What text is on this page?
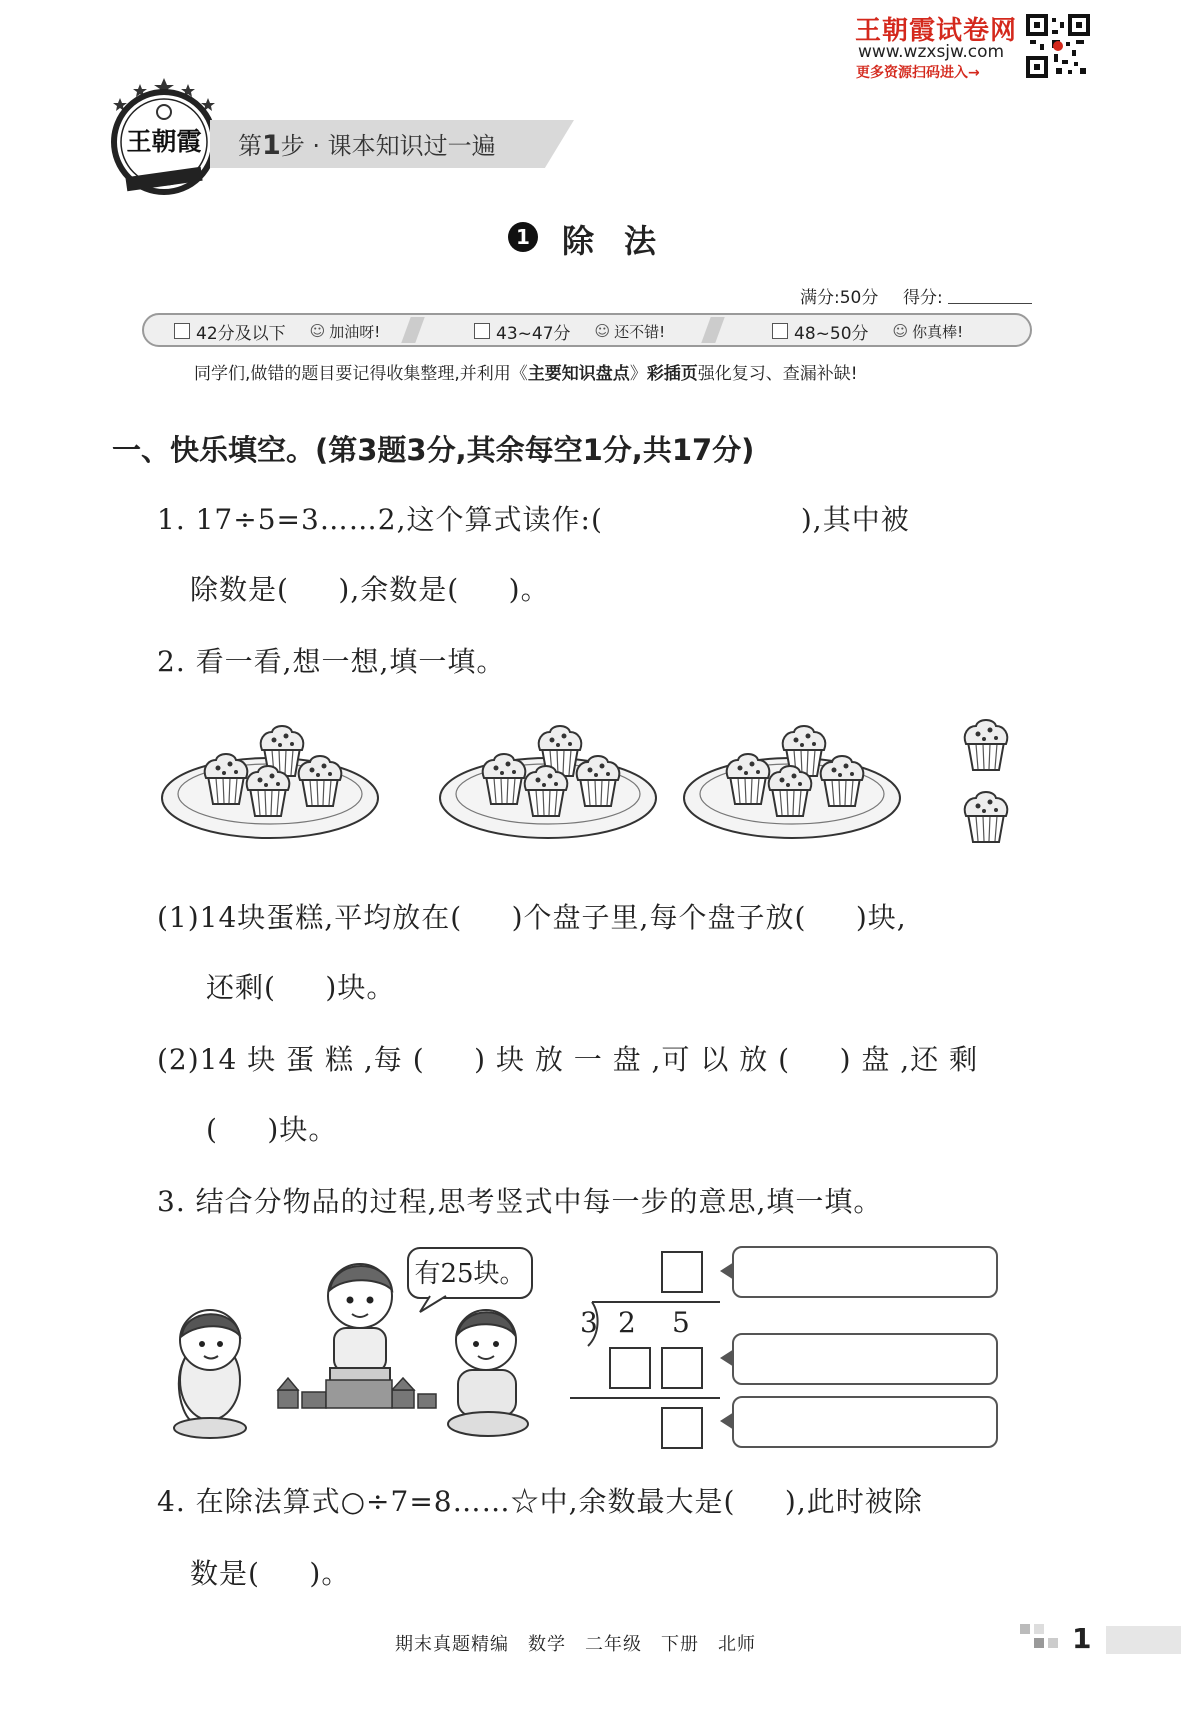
王朝霞试卷网
www.wzxsjw.com
更多资源扫码进入→
王朝霞 第1步 · 课本知识过一遍
1 除法
满分:50分 得分:
42分及以下 ☺ 加油呀!	43~47分 ☺ 还不错!	48~50分 ☺ 你真棒!
同学们,做错的题目要记得收集整理,并利用《主要知识盘点》彩插页强化复习、查漏补缺!
一、快乐填空。(第3题3分,其余每空1分,共17分)
1. 17÷5=3……2,这个算式读作:(                    ),其中被
除数是(     ),余数是(     )。
2. 看一看,想一想,填一填。
(1)14块蛋糕,平均放在(     )个盘子里,每个盘子放(     )块,
还剩(     )块。
(2)14 块 蛋 糕 ,每 (     ) 块 放 一 盘 ,可 以 放 (     ) 盘 ,还 剩
(     )块。
3. 结合分物品的过程,思考竖式中每一步的意思,填一填。
有25块。
3 2 5
4. 在除法算式○÷7=8……☆中,余数最大是(     ),此时被除
数是(     )。
期末真题精编　数学　二年级　下册　北师	1
